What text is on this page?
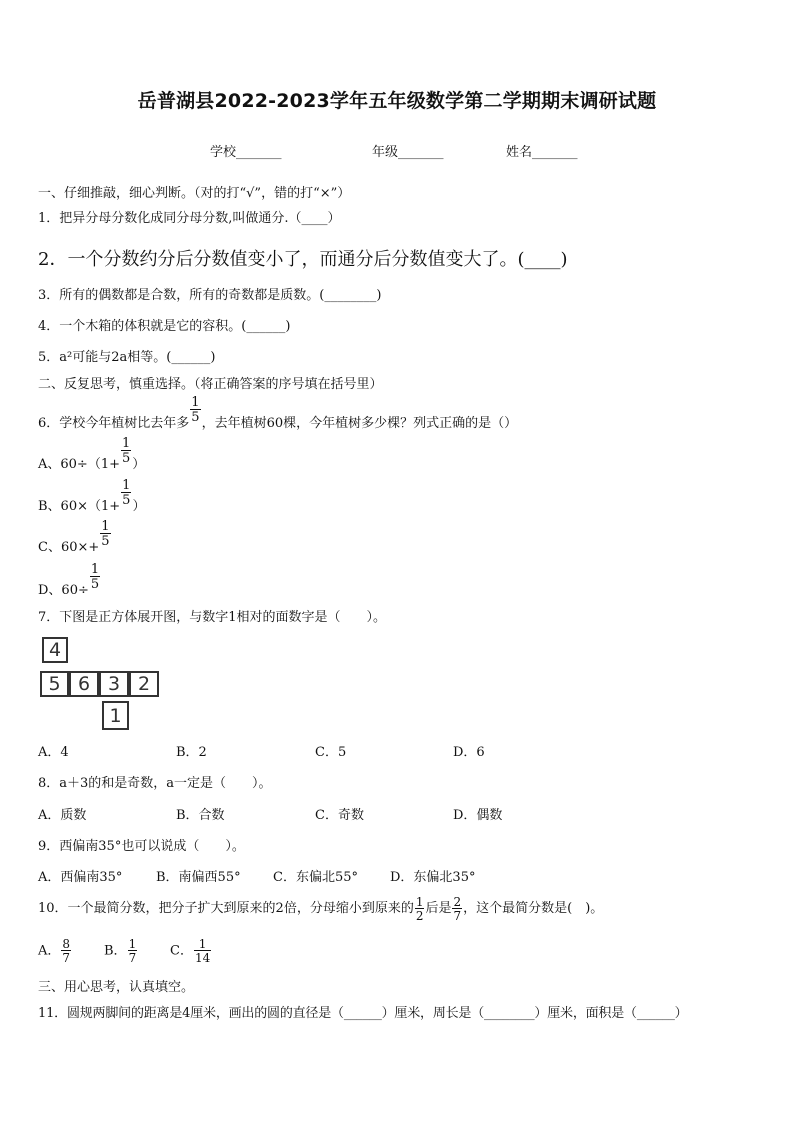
岳普湖县2022-2023学年五年级数学第二学期期末调研试题
学校_______	年级_______	姓名_______
一、仔细推敲，细心判断。（对的打“√”，错的打“×”）
1．把异分母分数化成同分母分数,叫做通分.（____）
2．一个分数约分后分数值变小了，而通分后分数值变大了。(____)
3．所有的偶数都是合数，所有的奇数都是质数。(________)
4．一个木箱的体积就是它的容积。(______)
5．a²可能与2a相等。(______)
二、反复思考，慎重选择。（将正确答案的序号填在括号里）
6．学校今年植树比去年多 $\frac{1}{5}$ ，去年植树60棵，今年植树多少棵？列式正确的是（）
A、$60\div(1+ \frac{1}{5}$ ）
B、$60\times(1+ \frac{1}{5}$ ）
C、$60\times+ \frac{1}{5}$
D、$60\div \frac{1}{5}$
7．下图是正方体展开图，与数字1相对的面数字是（　　）。
4
5 6 3 2
1
A．4	B．2	C．5	D．6
8．a＋3的和是奇数，a一定是（　　）。
A．质数	B．合数	C．奇数	D．偶数
9．西偏南35°也可以说成（　　）。
A．西偏南35°	B．南偏西55° C．东偏北55° D．东偏北35°
10．一个最简分数，把分子扩大到原来的2倍，分母缩小到原来的 $\frac{1}{2}$ 后是 $\frac{2}{7}$ ，这个最简分数是(　)。
A． $\frac{8}{7}$	B． $\frac{1}{7}$	C． $\frac{1}{14}$
三、用心思考，认真填空。
11．圆规两脚间的距离是4厘米，画出的圆的直径是（______）厘米，周长是（________）厘米，面积是（______）
